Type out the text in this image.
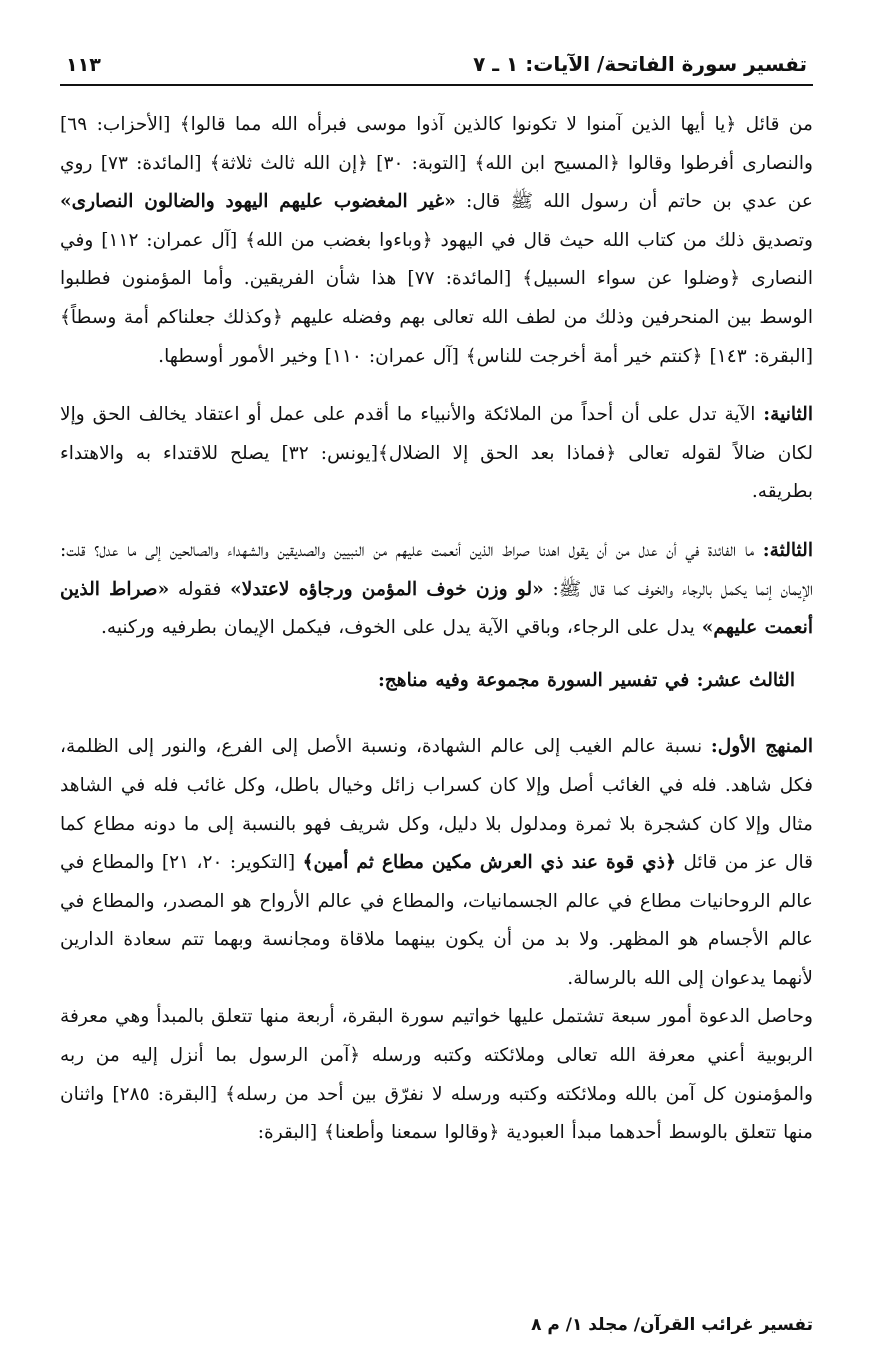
تفسير سورة الفاتحة/ الآيات: ١ ـ ٧
١١٣

من قائل ﴿يا أيها الذين آمنوا لا تكونوا كالذين آذوا موسى فبرأه الله مما قالوا﴾ [الأحزاب: ٦٩] والنصارى أفرطوا وقالوا ﴿المسيح ابن الله﴾ [التوبة: ٣٠] ﴿إن الله ثالث ثلاثة﴾ [المائدة: ٧٣] روي عن عدي بن حاتم أن رسول الله ﷺ قال: «غير المغضوب عليهم اليهود والضالون النصارى» وتصديق ذلك من كتاب الله حيث قال في اليهود ﴿وباءوا بغضب من الله﴾ [آل عمران: ١١٢] وفي النصارى ﴿وضلوا عن سواء السبيل﴾ [المائدة: ٧٧] هذا شأن الفريقين. وأما المؤمنون فطلبوا الوسط بين المنحرفين وذلك من لطف الله تعالى بهم وفضله عليهم ﴿وكذلك جعلناكم أمة وسطاً﴾ [البقرة: ١٤٣] ﴿كنتم خير أمة أخرجت للناس﴾ [آل عمران: ١١٠] وخير الأمور أوسطها.

الثانية: الآية تدل على أن أحداً من الملائكة والأنبياء ما أقدم على عمل أو اعتقاد يخالف الحق وإلا لكان ضالاً لقوله تعالى ﴿فماذا بعد الحق إلا الضلال﴾[يونس: ٣٢] يصلح للاقتداء به والاهتداء بطريقه.

الثالثة: ما الفائدة في أن عدل من أن يقول اهدنا صراط الذين أنعمت عليهم من النبيين والصديقين والشهداء والصالحين إلى ما عدل؟ قلت: الإيمان إنما يكمل بالرجاء والخوف كما قال ﷺ: «لو وزن خوف المؤمن ورجاؤه لاعتدلا» فقوله «صراط الذين أنعمت عليهم» يدل على الرجاء، وباقي الآية يدل على الخوف، فيكمل الإيمان بطرفيه وركنيه.

الثالث عشر: في تفسير السورة مجموعة وفيه مناهج:

المنهج الأول: نسبة عالم الغيب إلى عالم الشهادة، ونسبة الأصل إلى الفرع، والنور إلى الظلمة، فكل شاهد. فله في الغائب أصل وإلا كان كسراب زائل وخيال باطل، وكل غائب فله في الشاهد مثال وإلا كان كشجرة بلا ثمرة ومدلول بلا دليل، وكل شريف فهو بالنسبة إلى ما دونه مطاع كما قال عز من قائل ﴿ذي قوة عند ذي العرش مكين مطاع ثم أمين﴾ [التكوير: ٢٠، ٢١] والمطاع في عالم الروحانيات مطاع في عالم الجسمانيات، والمطاع في عالم الأرواح هو المصدر، والمطاع في عالم الأجسام هو المظهر. ولا بد من أن يكون بينهما ملاقاة ومجانسة وبهما تتم سعادة الدارين لأنهما يدعوان إلى الله بالرسالة.

وحاصل الدعوة أمور سبعة تشتمل عليها خواتيم سورة البقرة، أربعة منها تتعلق بالمبدأ وهي معرفة الربوبية أعني معرفة الله تعالى وملائكته وكتبه ورسله ﴿آمن الرسول بما أنزل إليه من ربه والمؤمنون كل آمن بالله وملائكته وكتبه ورسله لا نفرّق بين أحد من رسله﴾ [البقرة: ٢٨٥] واثنان منها تتعلق بالوسط أحدهما مبدأ العبودية ﴿وقالوا سمعنا وأطعنا﴾ [البقرة:

تفسير غرائب القرآن/ مجلد ١/ م ٨
